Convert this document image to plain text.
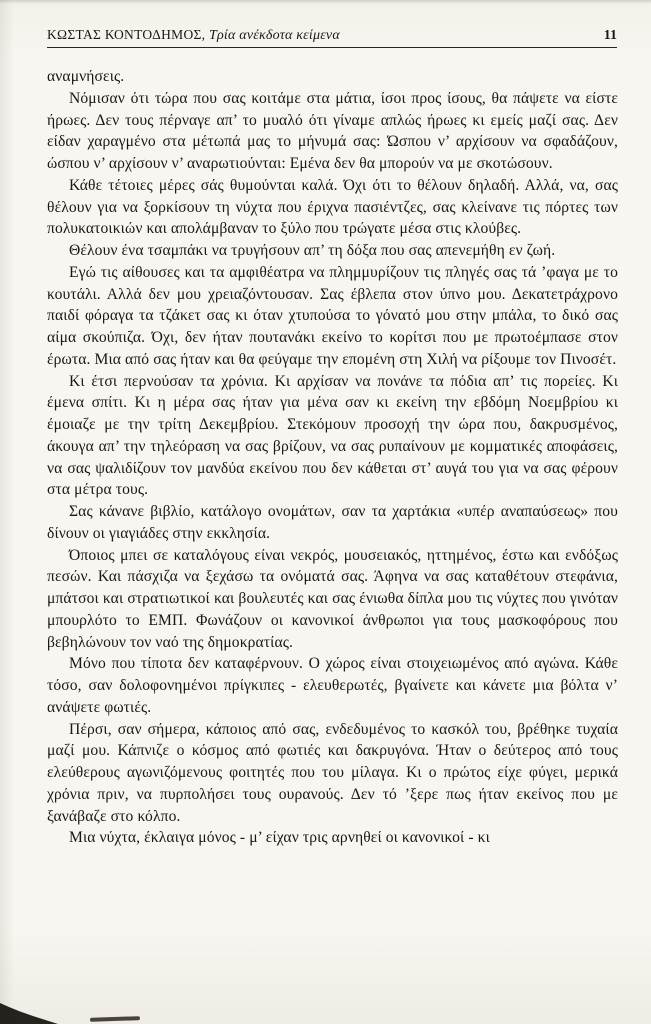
ΚΩΣΤΑΣ ΚΟΝΤΟΔΗΜΟΣ, Τρία ανέκδοτα κείμενα	11

αναμνήσεις.

Νόμισαν ότι τώρα που σας κοιτάμε στα μάτια, ίσοι προς ίσους, θα πάψετε να είστε ήρωες. Δεν τους πέρναγε απ’ το μυαλό ότι γίναμε απλώς ήρωες κι εμείς μαζί σας. Δεν είδαν χαραγμένο στα μέτωπά μας το μήνυμά σας: Ώσπου ν’ αρχίσουν να σφαδάζουν, ώσπου ν’ αρχίσουν ν’ αναρωτιούνται: Εμένα δεν θα μπορούν να με σκοτώσουν.

Κάθε τέτοιες μέρες σάς θυμούνται καλά. Όχι ότι το θέλουν δηλαδή. Αλλά, να, σας θέλουν για να ξορκίσουν τη νύχτα που έριχνα πασιέντζες, σας κλείνανε τις πόρτες των πολυκατοικιών και απολάμβαναν το ξύλο που τρώγατε μέσα στις κλούβες.

Θέλουν ένα τσαμπάκι να τρυγήσουν απ’ τη δόξα που σας απενεμήθη εν ζωή.

Εγώ τις αίθουσες και τα αμφιθέατρα να πλημμυρίζουν τις πληγές σας τά ’φαγα με το κουτάλι. Αλλά δεν μου χρειαζόντουσαν. Σας έβλεπα στον ύπνο μου. Δεκατετράχρονο παιδί φόραγα τα τζάκετ σας κι όταν χτυπούσα το γόνατό μου στην μπάλα, το δικό σας αίμα σκούπιζα. Όχι, δεν ήταν πουτανάκι εκείνο το κορίτσι που με πρωτοέμπασε στον έρωτα. Μια από σας ήταν και θα φεύγαμε την επομένη στη Χιλή να ρίξουμε τον Πινοσέτ.

Κι έτσι περνούσαν τα χρόνια. Κι αρχίσαν να πονάνε τα πόδια απ’ τις πορείες. Κι έμενα σπίτι. Κι η μέρα σας ήταν για μένα σαν κι εκείνη την εβδόμη Νοεμβρίου κι έμοιαζε με την τρίτη Δεκεμβρίου. Στεκόμουν προσοχή την ώρα που, δακρυσμένος, άκουγα απ’ την τηλεόραση να σας βρίζουν, να σας ρυπαίνουν με κομματικές αποφάσεις, να σας ψαλιδίζουν τον μανδύα εκείνου που δεν κάθεται στ’ αυγά του για να σας φέρουν στα μέτρα τους.

Σας κάνανε βιβλίο, κατάλογο ονομάτων, σαν τα χαρτάκια «υπέρ αναπαύσεως» που δίνουν οι γιαγιάδες στην εκκλησία.

Όποιος μπει σε καταλόγους είναι νεκρός, μουσειακός, ηττημένος, έστω και ενδόξως πεσών. Και πάσχιζα να ξεχάσω τα ονόματά σας. Άφηνα να σας καταθέτουν στεφάνια, μπάτσοι και στρατιωτικοί και βουλευτές και σας ένιωθα δίπλα μου τις νύχτες που γινόταν μπουρλότο το ΕΜΠ. Φωνάζουν οι κανονικοί άνθρωποι για τους μασκοφόρους που βεβηλώνουν τον ναό της δημοκρατίας.

Μόνο που τίποτα δεν καταφέρνουν. Ο χώρος είναι στοιχειωμένος από αγώνα. Κάθε τόσο, σαν δολοφονημένοι πρίγκιπες - ελευθερωτές, βγαίνετε και κάνετε μια βόλτα ν’ ανάψετε φωτιές.

Πέρσι, σαν σήμερα, κάποιος από σας, ενδεδυμένος το κασκόλ του, βρέθηκε τυχαία μαζί μου. Κάπνιζε ο κόσμος από φωτιές και δακρυγόνα. Ήταν ο δεύτερος από τους ελεύθερους αγωνιζόμενους φοιτητές που του μίλαγα. Κι ο πρώτος είχε φύγει, μερικά χρόνια πριν, να πυρπολήσει τους ουρανούς. Δεν τό ’ξερε πως ήταν εκείνος που με ξανάβαζε στο κόλπο.

Μια νύχτα, έκλαιγα μόνος - μ’ είχαν τρις αρνηθεί οι κανονικοί - κι
